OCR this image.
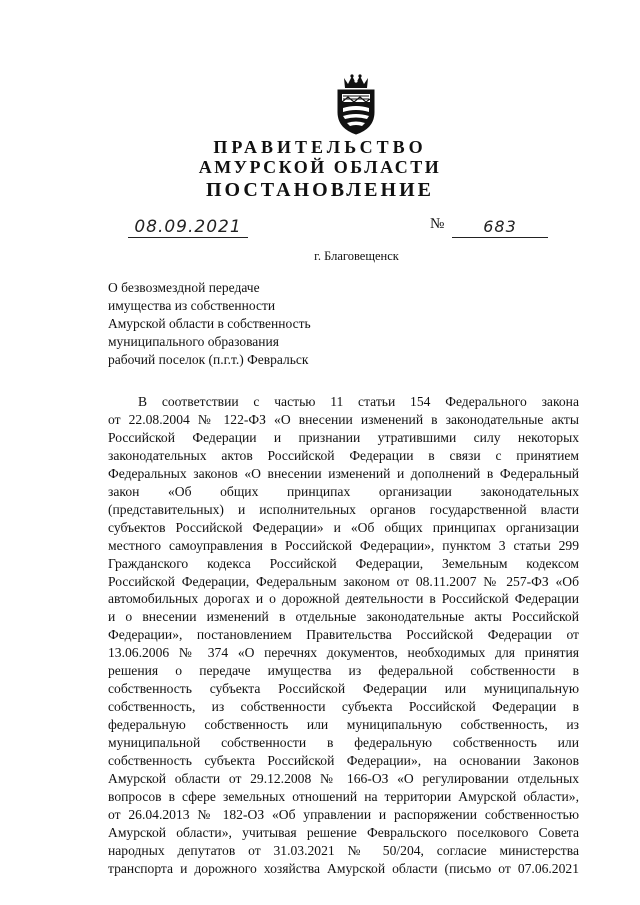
ПРАВИТЕЛЬСТВО
АМУРСКОЙ ОБЛАСТИ
ПОСТАНОВЛЕНИЕ
08.09.2021	№	683
г. Благовещенск
О безвозмездной передаче
имущества из собственности
Амурской области в собственность
муниципального образования
рабочий поселок (п.г.т.) Февральск
В соответствии с частью 11 статьи 154 Федерального закона
от 22.08.2004 № 122-ФЗ «О внесении изменений в законодательные акты
Российской Федерации и признании утратившими силу некоторых
законодательных актов Российской Федерации в связи с принятием
Федеральных законов «О внесении изменений и дополнений в Федеральный
закон «Об общих принципах организации законодательных
(представительных) и исполнительных органов государственной власти
субъектов Российской Федерации» и «Об общих принципах организации
местного самоуправления в Российской Федерации», пунктом 3 статьи 299
Гражданского кодекса Российской Федерации, Земельным кодексом
Российской Федерации, Федеральным законом от 08.11.2007 № 257-ФЗ «Об
автомобильных дорогах и о дорожной деятельности в Российской Федерации
и о внесении изменений в отдельные законодательные акты Российской
Федерации», постановлением Правительства Российской Федерации от
13.06.2006 № 374 «О перечнях документов, необходимых для принятия
решения о передаче имущества из федеральной собственности в
собственность субъекта Российской Федерации или муниципальную
собственность, из собственности субъекта Российской Федерации в
федеральную собственность или муниципальную собственность, из
муниципальной собственности в федеральную собственность или
собственность субъекта Российской Федерации», на основании Законов
Амурской области от 29.12.2008 № 166-ОЗ «О регулировании отдельных
вопросов в сфере земельных отношений на территории Амурской области»,
от 26.04.2013 № 182-ОЗ «Об управлении и распоряжении собственностью
Амурской области», учитывая решение Февральского поселкового Совета
народных депутатов от 31.03.2021 № 50/204, согласие министерства
транспорта и дорожного хозяйства Амурской области (письмо от 07.06.2021
